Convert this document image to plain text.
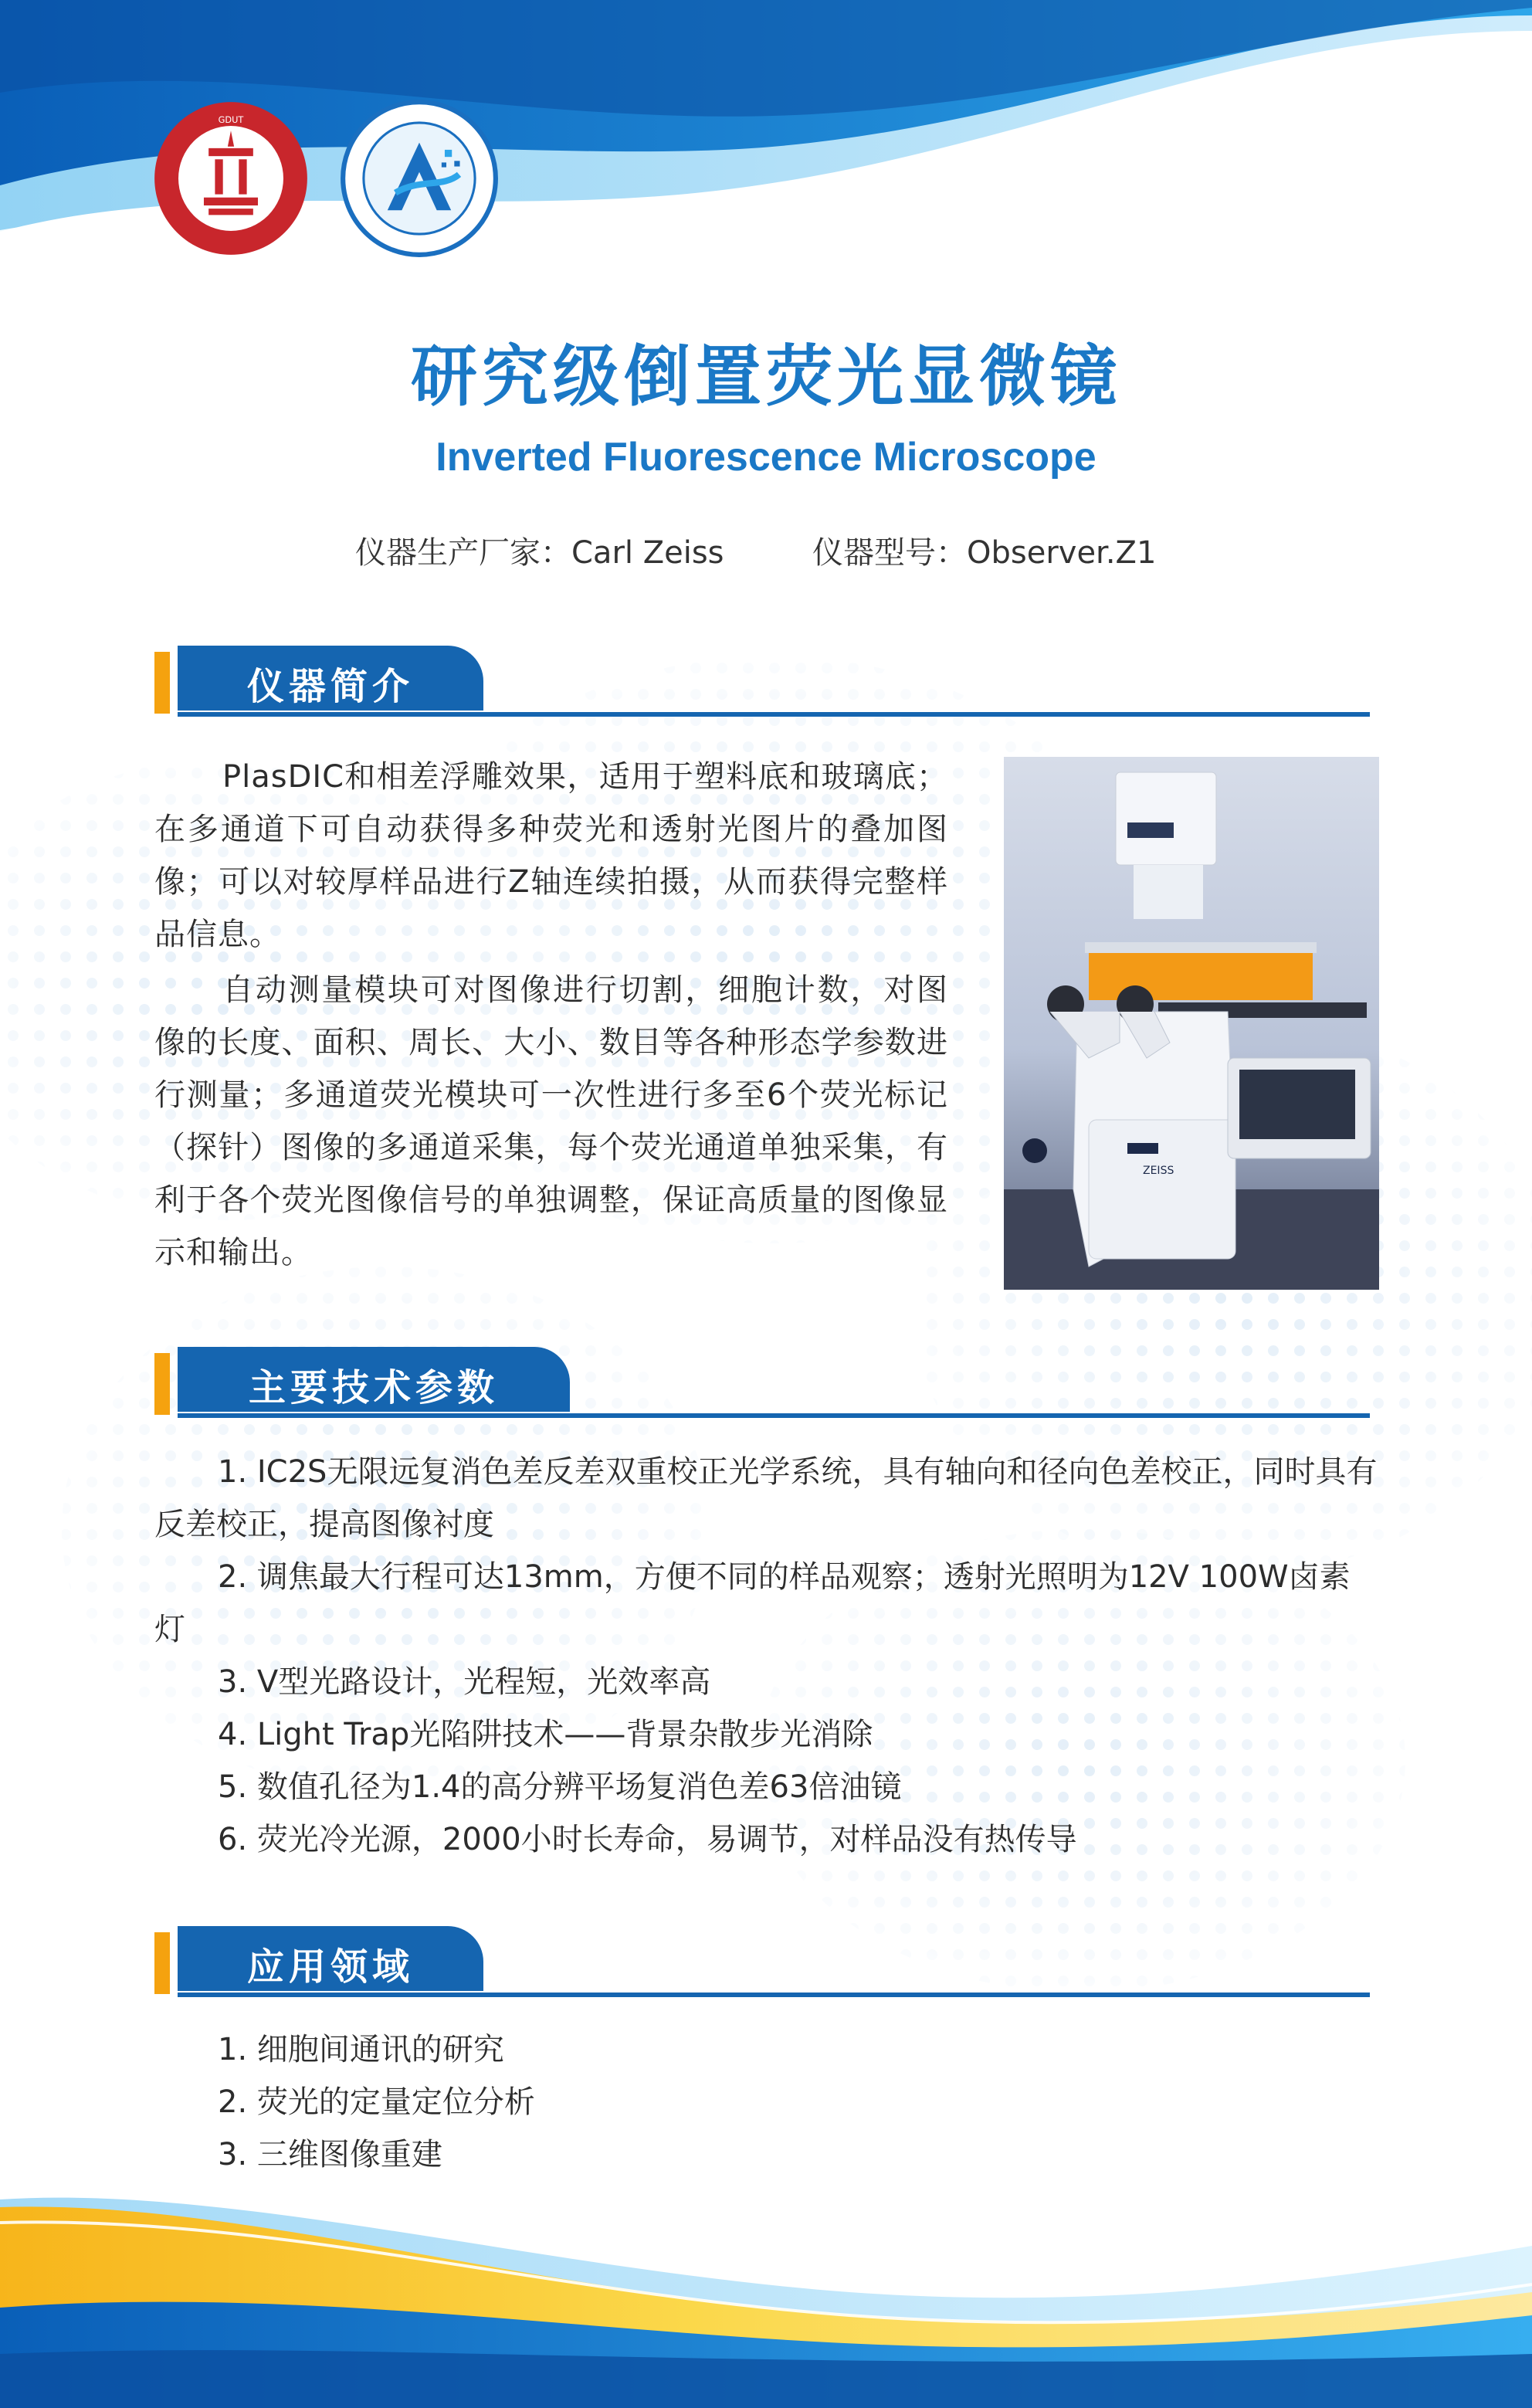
GDUT
研究级倒置荧光显微镜
Inverted Fluorescence Microscope
仪器生产厂家：Carl Zeiss	仪器型号：Observer.Z1
仪器简介

PlasDIC和相差浮雕效果，适用于塑料底和玻璃底；在多通道下可自动获得多种荧光和透射光图片的叠加图像；可以对较厚样品进行Z轴连续拍摄，从而获得完整样品信息。

自动测量模块可对图像进行切割，细胞计数，对图像的长度、面积、周长、大小、数目等各种形态学参数进行测量；多通道荧光模块可一次性进行多至6个荧光标记（探针）图像的多通道采集，每个荧光通道单独采集，有利于各个荧光图像信号的单独调整，保证高质量的图像显示和输出。

ZEISS
主要技术参数

1. IC2S无限远复消色差反差双重校正光学系统，具有轴向和径向色差校正，同时具有反差校正，提高图像衬度

2. 调焦最大行程可达13mm，方便不同的样品观察；透射光照明为12V 100W卤素灯

3. V型光路设计，光程短，光效率高

4. Light Trap光陷阱技术——背景杂散步光消除

5. 数值孔径为1.4的高分辨平场复消色差63倍油镜

6. 荧光冷光源，2000小时长寿命，易调节，对样品没有热传导

应用领域

1. 细胞间通讯的研究

2. 荧光的定量定位分析

3. 三维图像重建
